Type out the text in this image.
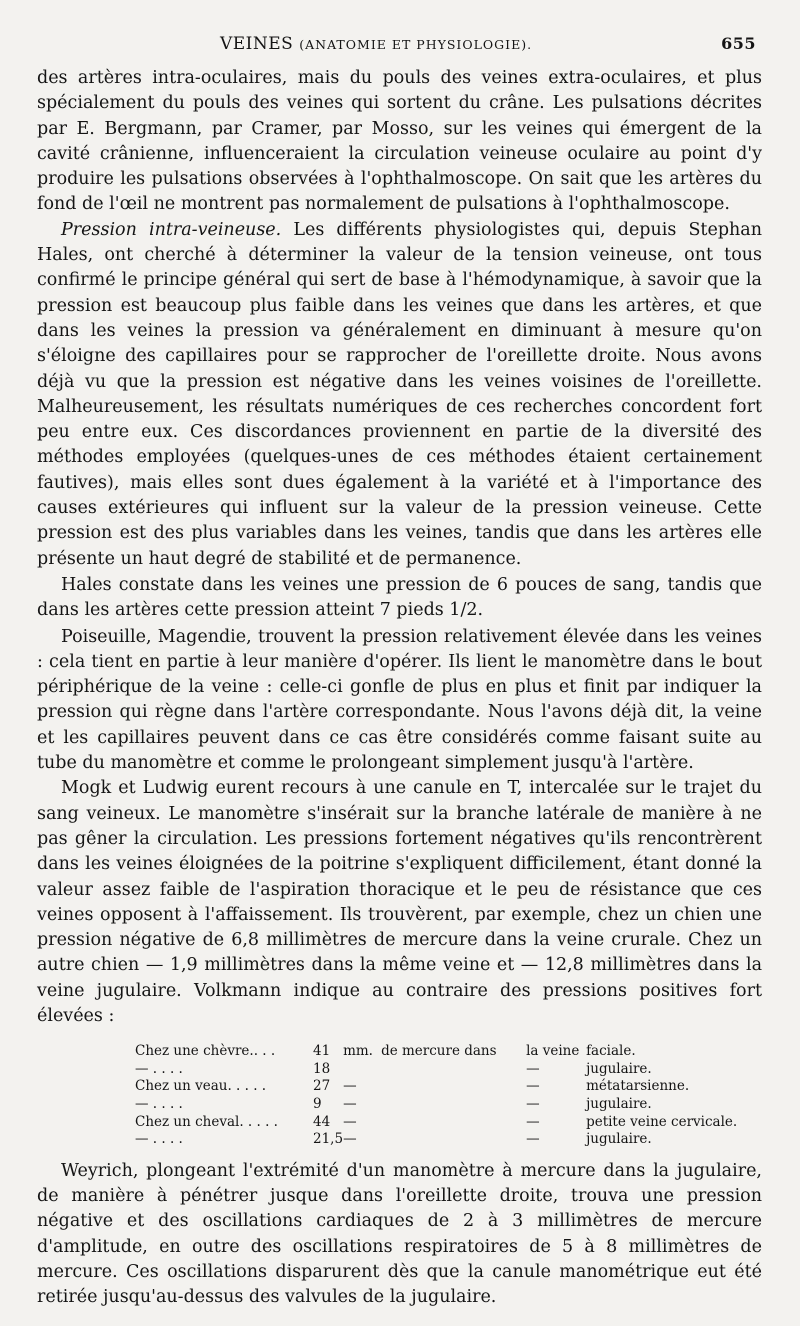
VEINES (ANATOMIE ET PHYSIOLOGIE).	655

des artères intra-oculaires, mais du pouls des veines extra-oculaires, et plus spécialement du pouls des veines qui sortent du crâne. Les pulsations décrites par E. Bergmann, par Cramer, par Mosso, sur les veines qui émergent de la cavité crânienne, influenceraient la circulation veineuse oculaire au point d'y produire les pulsations observées à l'ophthalmoscope. On sait que les artères du fond de l'œil ne montrent pas normalement de pulsations à l'ophthalmoscope.

Pression intra-veineuse. Les différents physiologistes qui, depuis Stephan Hales, ont cherché à déterminer la valeur de la tension veineuse, ont tous confirmé le principe général qui sert de base à l'hémodynamique, à savoir que la pression est beaucoup plus faible dans les veines que dans les artères, et que dans les veines la pression va généralement en diminuant à mesure qu'on s'éloigne des capillaires pour se rapprocher de l'oreillette droite. Nous avons déjà vu que la pression est négative dans les veines voisines de l'oreillette. Malheureusement, les résultats numériques de ces recherches concordent fort peu entre eux. Ces discordances proviennent en partie de la diversité des méthodes employées (quelques-unes de ces méthodes étaient certainement fautives), mais elles sont dues également à la variété et à l'importance des causes extérieures qui influent sur la valeur de la pression veineuse. Cette pression est des plus variables dans les veines, tandis que dans les artères elle présente un haut degré de stabilité et de permanence.

Hales constate dans les veines une pression de 6 pouces de sang, tandis que dans les artères cette pression atteint 7 pieds 1/2.

Poiseuille, Magendie, trouvent la pression relativement élevée dans les veines : cela tient en partie à leur manière d'opérer. Ils lient le manomètre dans le bout périphérique de la veine : celle-ci gonfle de plus en plus et finit par indiquer la pression qui règne dans l'artère correspondante. Nous l'avons déjà dit, la veine et les capillaires peuvent dans ce cas être considérés comme faisant suite au tube du manomètre et comme le prolongeant simplement jusqu'à l'artère.

Mogk et Ludwig eurent recours à une canule en T, intercalée sur le trajet du sang veineux. Le manomètre s'insérait sur la branche latérale de manière à ne pas gêner la circulation. Les pressions fortement négatives qu'ils rencontrèrent dans les veines éloignées de la poitrine s'expliquent difficilement, étant donné la valeur assez faible de l'aspiration thoracique et le peu de résistance que ces veines opposent à l'affaissement. Ils trouvèrent, par exemple, chez un chien une pression négative de 6,8 millimètres de mercure dans la veine crurale. Chez un autre chien — 1,9 millimètres dans la même veine et — 12,8 millimètres dans la veine jugulaire. Volkmann indique au contraire des pressions positives fort élevées :

Chez une chèvre.. . .	41	mm.	de mercure dans	la veine	faciale.
— . . . .	18			—	jugulaire.
Chez un veau. . . . .	27	—		—	métatarsienne.
— . . . .	9	—		—	jugulaire.
Chez un cheval. . . . .	44	—		—	petite veine cervicale.
— . . . .	21,5	—		—	jugulaire.

Weyrich, plongeant l'extrémité d'un manomètre à mercure dans la jugulaire, de manière à pénétrer jusque dans l'oreillette droite, trouva une pression négative et des oscillations cardiaques de 2 à 3 millimètres de mercure d'amplitude, en outre des oscillations respiratoires de 5 à 8 millimètres de mercure. Ces oscillations disparurent dès que la canule manométrique eut été retirée jusqu'au-dessus des valvules de la jugulaire.
